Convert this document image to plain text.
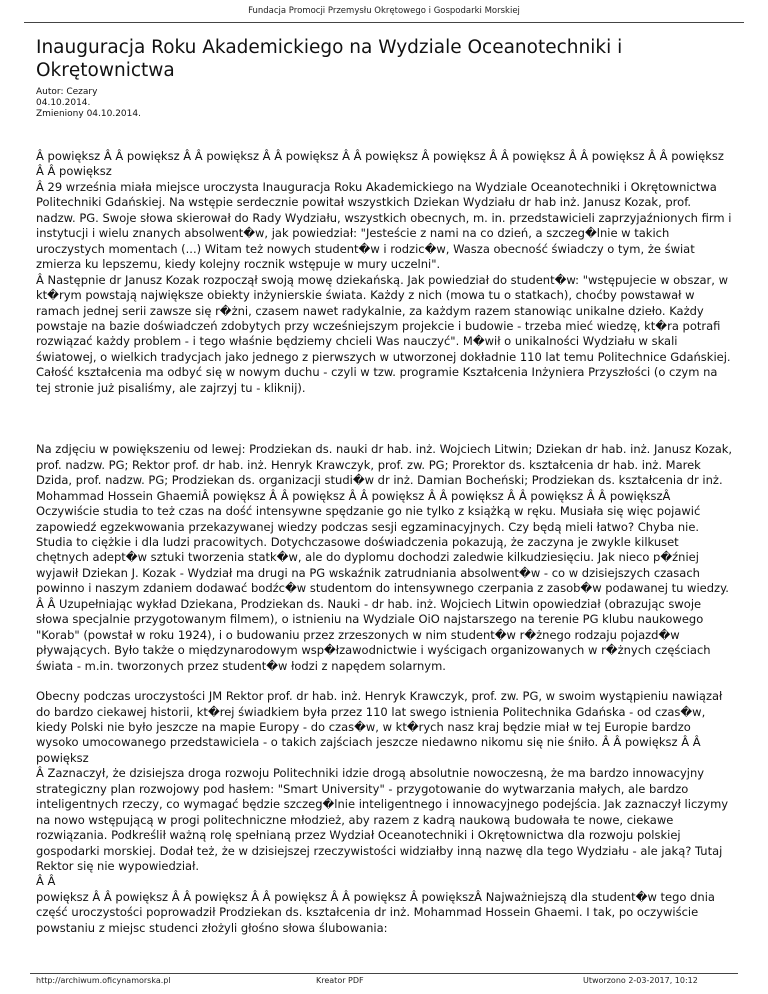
Fundacja Promocji Przemysłu Okrętowego i Gospodarki Morskiej
Inauguracja Roku Akademickiego na Wydziale Oceanotechniki i Okrętownictwa
Autor: Cezary
04.10.2014.
Zmieniony 04.10.2014.

Â powiększ Â Â powiększ Â Â powiększ Â Â powiększ Â Â powiększ Â powiększ Â Â powiększ Â Â powiększ Â Â powiększ Â Â powiększ

Â 29 września miała miejsce uroczysta Inauguracja Roku Akademickiego na Wydziale Oceanotechniki i Okrętownictwa Politechniki Gdańskiej. Na wstępie serdecznie powitał wszystkich Dziekan Wydziału dr hab inż. Janusz Kozak, prof. nadzw. PG. Swoje słowa skierował do Rady Wydziału, wszystkich obecnych, m. in. przedstawicieli zaprzyjaźnionych firm i instytucji i wielu znanych absolwent�w, jak powiedział: "Jesteście z nami na co dzień, a szczeg�lnie w takich uroczystych momentach (...) Witam też nowych student�w i rodzic�w, Wasza obecność świadczy o tym, że świat zmierza ku lepszemu, kiedy kolejny rocznik wstępuje w mury uczelni".

Â Następnie dr Janusz Kozak rozpoczął swoją mowę dziekańską. Jak powiedział do student�w: "wstępujecie w obszar, w kt�rym powstają największe obiekty inżynierskie świata. Każdy z nich (mowa tu o statkach), choćby powstawał w ramach jednej serii zawsze się r�żni, czasem nawet radykalnie, za każdym razem stanowiąc unikalne dzieło. Każdy powstaje na bazie doświadczeń zdobytych przy wcześniejszym projekcie i budowie - trzeba mieć wiedzę, kt�ra potrafi rozwiązać każdy problem - i tego właśnie będziemy chcieli Was nauczyć". M�wił o unikalności Wydziału w skali światowej, o wielkich tradycjach jako jednego z pierwszych w utworzonej dokładnie 110 lat temu Politechnice Gdańskiej. Całość kształcenia ma odbyć się w nowym duchu - czyli w tzw. programie Kształcenia Inżyniera Przyszłości (o czym na tej stronie już pisaliśmy, ale zajrzyj tu - kliknij).

Na zdjęciu w powiększeniu od lewej: Prodziekan ds. nauki dr hab. inż. Wojciech Litwin; Dziekan dr hab. inż. Janusz Kozak, prof. nadzw. PG; Rektor prof. dr hab. inż. Henryk Krawczyk, prof. zw. PG; Prorektor ds. kształcenia dr hab. inż. Marek Dzida, prof. nadzw. PG; Prodziekan ds. organizacji studi�w dr inż. Damian Bocheński; Prodziekan ds. kształcenia dr inż. Mohammad Hossein GhaemiÂ powiększ Â Â powiększ Â Â powiększ Â Â powiększ Â Â powiększ Â Â powiększÂ Oczywiście studia to też czas na dość intensywne spędzanie go nie tylko z książką w ręku. Musiała się więc pojawić zapowiedź egzekwowania przekazywanej wiedzy podczas sesji egzaminacyjnych. Czy będą mieli łatwo? Chyba nie. Studia to ciężkie i dla ludzi pracowitych. Dotychczasowe doświadczenia pokazują, że zaczyna je zwykle kilkuset chętnych adept�w sztuki tworzenia statk�w, ale do dyplomu dochodzi zaledwie kilkudziesięciu. Jak nieco p�źniej wyjawił Dziekan J. Kozak - Wydział ma drugi na PG wskaźnik zatrudniania absolwent�w - co w dzisiejszych czasach powinno i naszym zdaniem dodawać bodźc�w studentom do intensywnego czerpania z zasob�w podawanej tu wiedzy.

Â Â Uzupełniając wykład Dziekana, Prodziekan ds. Nauki - dr hab. inż. Wojciech Litwin opowiedział (obrazując swoje słowa specjalnie przygotowanym filmem), o istnieniu na Wydziale OiO najstarszego na terenie PG klubu naukowego "Korab" (powstał w roku 1924), i o budowaniu przez zrzeszonych w nim student�w r�żnego rodzaju pojazd�w pływających. Było także o międzynarodowym wsp�łzawodnictwie i wyścigach organizowanych w r�żnych częściach świata - m.in. tworzonych przez student�w łodzi z napędem solarnym.

Obecny podczas uroczystości JM Rektor prof. dr hab. inż. Henryk Krawczyk, prof. zw. PG, w swoim wystąpieniu nawiązał do bardzo ciekawej historii, kt�rej świadkiem była przez 110 lat swego istnienia Politechnika Gdańska - od czas�w, kiedy Polski nie było jeszcze na mapie Europy - do czas�w, w kt�rych nasz kraj będzie miał w tej Europie bardzo wysoko umocowanego przedstawiciela - o takich zajściach jeszcze niedawno nikomu się nie śniło. Â Â powiększ Â Â powiększ

Â Zaznaczył, że dzisiejsza droga rozwoju Politechniki idzie drogą absolutnie nowoczesną, że ma bardzo innowacyjny strategiczny plan rozwojowy pod hasłem: "Smart University" - przygotowanie do wytwarzania małych, ale bardzo inteligentnych rzeczy, co wymagać będzie szczeg�lnie inteligentnego i innowacyjnego podejścia. Jak zaznaczył liczymy na nowo wstępującą w progi politechniczne młodzież, aby razem z kadrą naukową budowała te nowe, ciekawe rozwiązania. Podkreślił ważną rolę spełnianą przez Wydział Oceanotechniki i Okrętownictwa dla rozwoju polskiej gospodarki morskiej. Dodał też, że w dzisiejszej rzeczywistości widziałby inną nazwę dla tego Wydziału - ale jaką? Tutaj Rektor się nie wypowiedział.

Â Â

powiększ Â Â powiększ Â Â powiększ Â Â powiększ Â Â powiększ Â powiększÂ Najważniejszą dla student�w tego dnia część uroczystości poprowadził Prodziekan ds. kształcenia dr inż. Mohammad Hossein Ghaemi. I tak, po oczywiście powstaniu z miejsc studenci złożyli głośno słowa ślubowania:

http://archiwum.oficynamorska.pl	Kreator PDF	Utworzono 2-03-2017, 10:12
